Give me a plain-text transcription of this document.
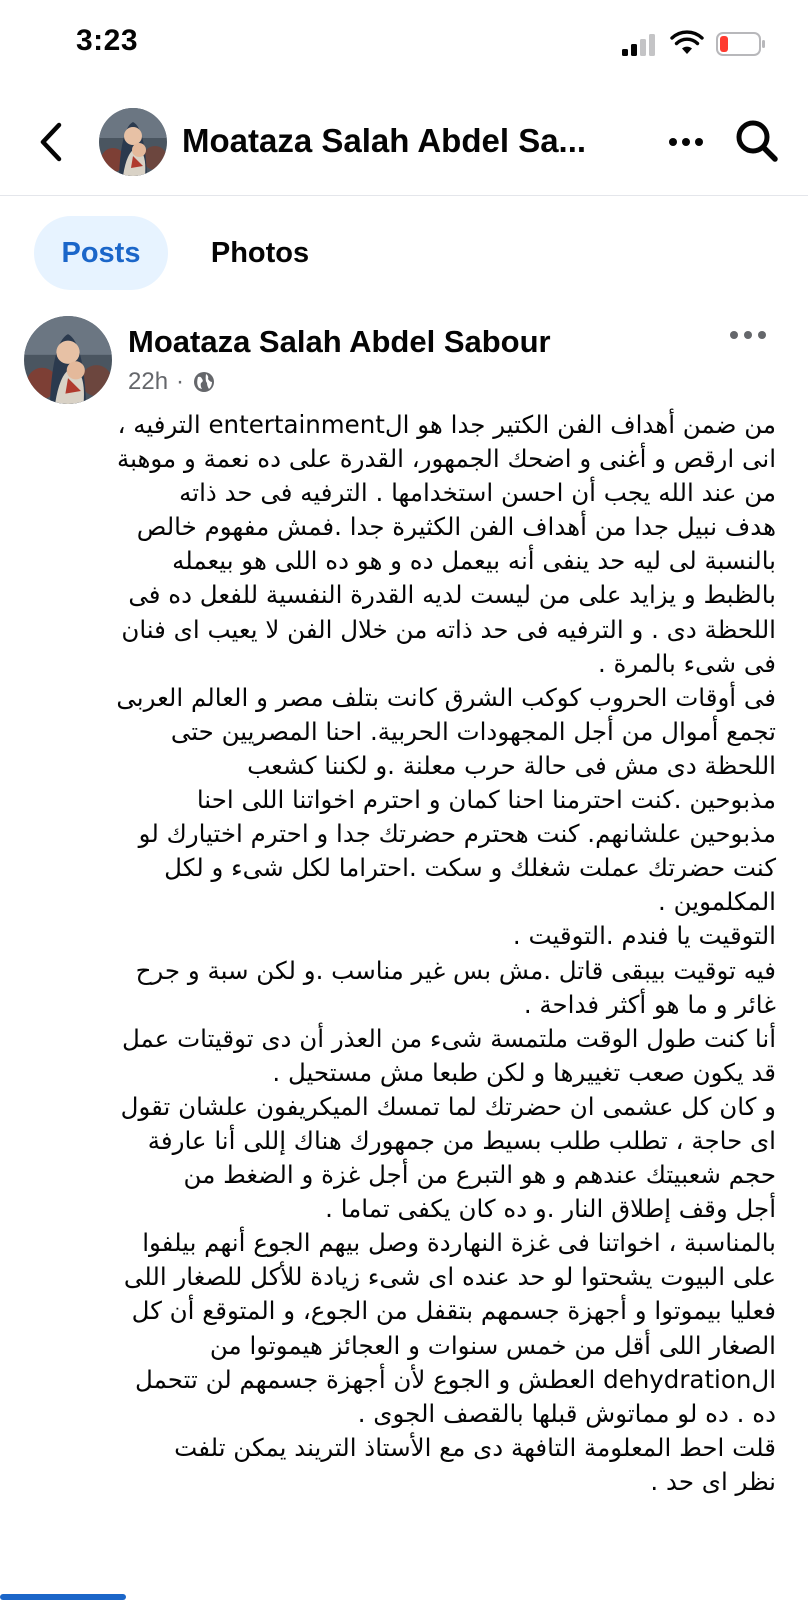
3:23
Moataza Salah Abdel Sa...
Posts	Photos
Moataza Salah Abdel Sabour
22h ·
من ضمن أهداف الفن الكتير جدا هو الentertainment الترفيه ،
انى ارقص و أغنى و اضحك الجمهور، القدرة على ده نعمة و موهبة
من عند الله يجب أن احسن استخدامها . الترفيه فى حد ذاته
هدف نبيل جدا من أهداف الفن الكثيرة جدا .فمش مفهوم خالص
بالنسبة لى ليه حد ينفى أنه بيعمل ده و هو ده اللى هو بيعمله
بالظبط و يزايد على من ليست لديه القدرة النفسية للفعل ده فى
اللحظة دى . و الترفيه فى حد ذاته من خلال الفن لا يعيب اى فنان
فى شىء بالمرة .
فى أوقات الحروب كوكب الشرق كانت بتلف مصر و العالم العربى
تجمع أموال من أجل المجهودات الحربية. احنا المصريين حتى
اللحظة دى مش فى حالة حرب معلنة .و لكننا كشعب
مذبوحين .كنت احترمنا احنا كمان و احترم اخواتنا اللى احنا
مذبوحين علشانهم. كنت هحترم حضرتك جدا و احترم اختيارك لو
كنت حضرتك عملت شغلك و سكت .احتراما لكل شىء و لكل
المكلموين .
التوقيت يا فندم .التوقيت .
فيه توقيت بيبقى قاتل .مش بس غير مناسب .و لكن سبة و جرح
غائر و ما هو أكثر فداحة .
أنا كنت طول الوقت ملتمسة شىء من العذر أن دى توقيتات عمل
قد يكون صعب تغييرها و لكن طبعا مش مستحيل .
و كان كل عشمى ان حضرتك لما تمسك الميكريفون علشان تقول
اى حاجة ، تطلب طلب بسيط من جمهورك هناك إللى أنا عارفة
حجم شعبيتك عندهم و هو التبرع من أجل غزة و الضغط من
أجل وقف إطلاق النار .و ده كان يكفى تماما .
بالمناسبة ، اخواتنا فى غزة النهاردة وصل بيهم الجوع أنهم بيلفوا
على البيوت يشحتوا لو حد عنده اى شىء زيادة للأكل للصغار اللى
فعليا بيموتوا و أجهزة جسمهم بتقفل من الجوع، و المتوقع أن كل
الصغار اللى أقل من خمس سنوات و العجائز هيموتوا من
الdehydration العطش و الجوع لأن أجهزة جسمهم لن تتحمل
ده . ده لو مماتوش قبلها بالقصف الجوى .
قلت احط المعلومة التافهة دى مع الأستاذ التريند يمكن تلفت
نظر اى حد .
